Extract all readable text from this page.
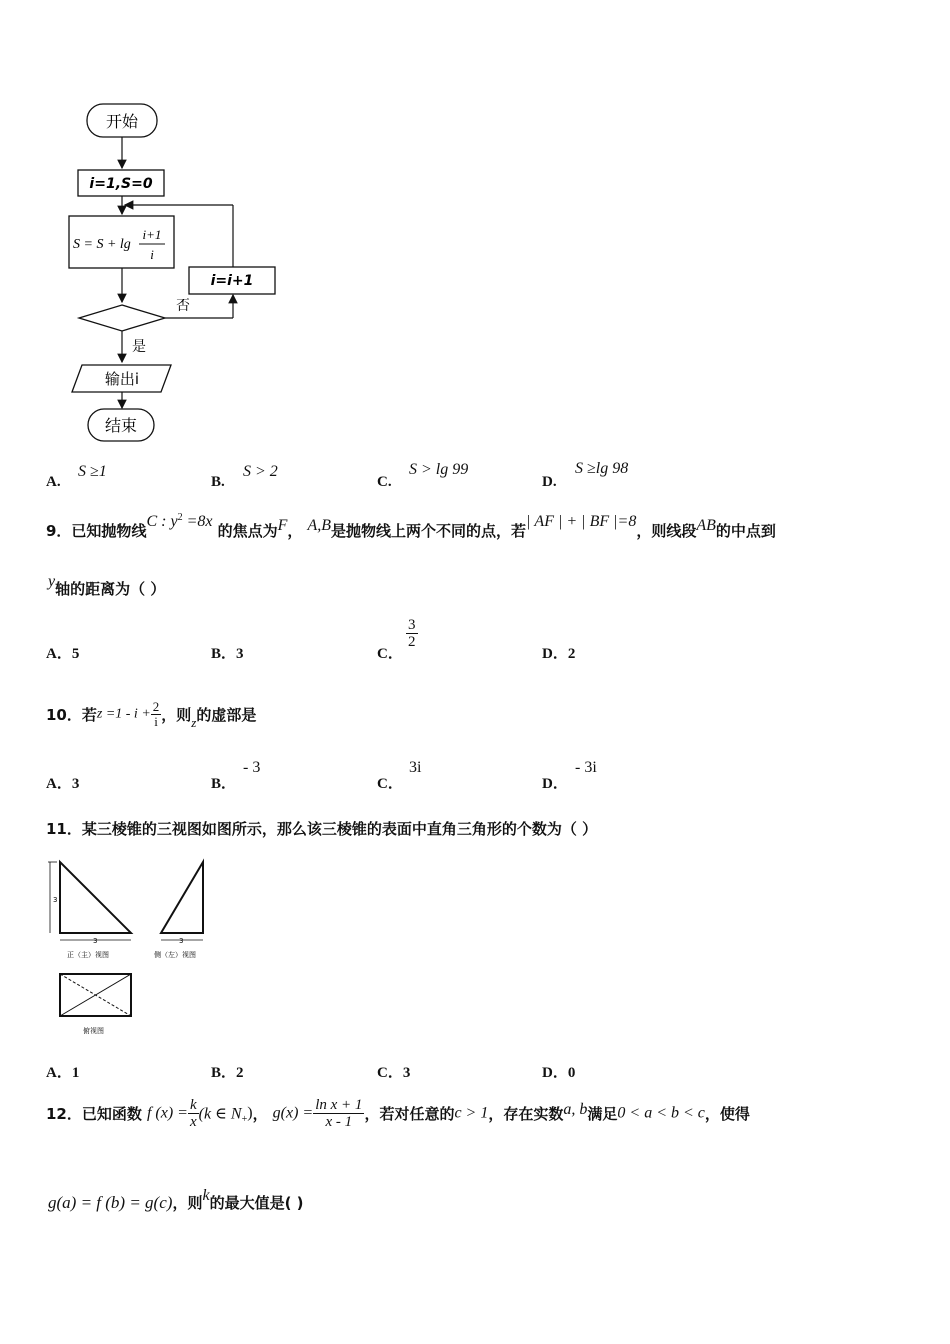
开始
i=1,S=0
S = S + lg
i+1
i
否
i=i+1
是
输出i
结束
A.
S ≥1
B.
S > 2
C.
S > lg 99
D.
S ≥lg 98
9．已知抛物线C : $y^2 =8x$ 的焦点为F， A,B是抛物线上两个不同的点，若| AF | + | BF |=8，则线段AB的中点到
y轴的距离为（ ）
A．5	B．3	C．
$\frac{3}{2}$
D．2
10．若$z =1 - i + \frac{2}{i}$ ，则$_z$的虚部是
A．3	B．
- 3
C．
3i
D．
- 3i
11．某三棱锥的三视图如图所示，那么该三棱锥的表面中直角三角形的个数为（ ）
3
3
正（主）视图
3
侧（左）视图
俯视图
A．1	B．2	C．3	D．0
12．已知函数 f $(x) = \frac{k}{x} (k$ ∈ $N_+$)， $g(x) = \frac{\text{ln x + 1}}{x - 1}$ ，若对任意的c > 1，存在实数a, b满足0 < a < b < c，使得
g(a) = f (b) = g(c)，则k的最大值是( )
